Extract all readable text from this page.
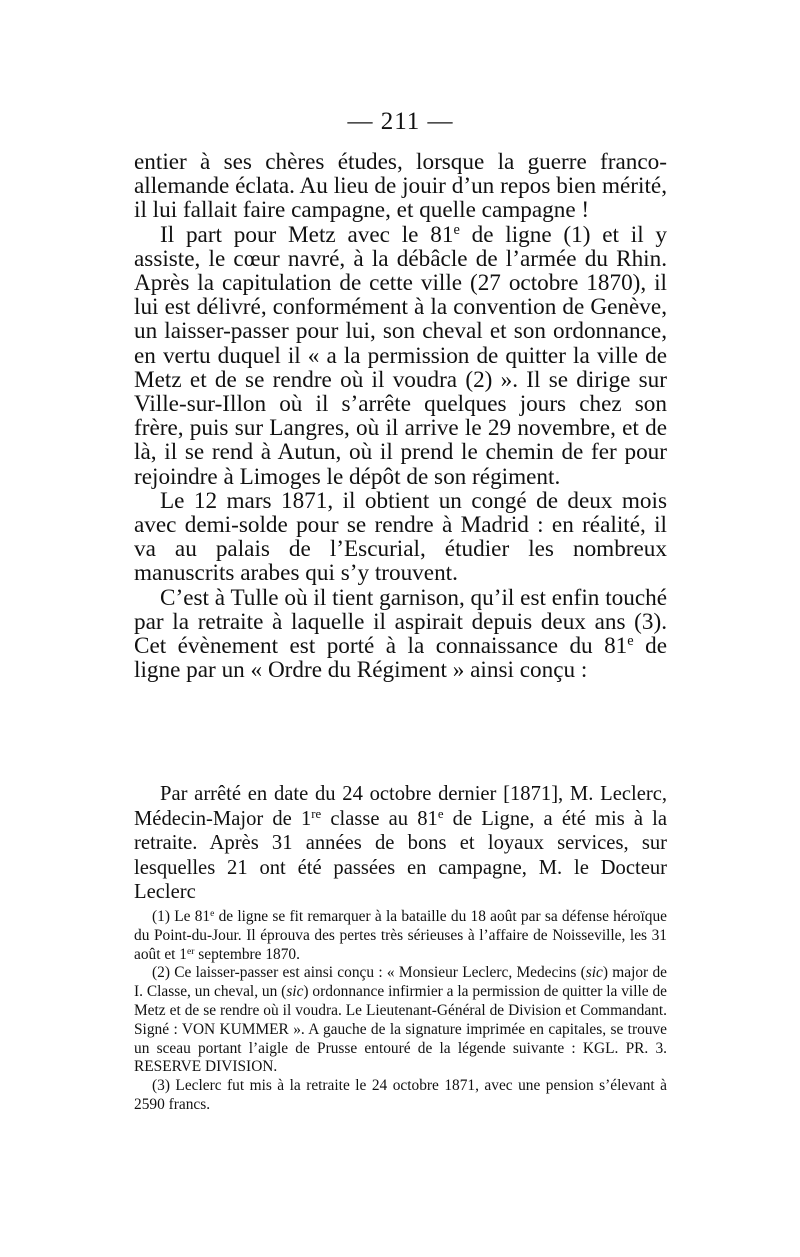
— 211 —

entier à ses chères études, lorsque la guerre franco-allemande éclata. Au lieu de jouir d’un repos bien mérité, il lui fallait faire campagne, et quelle campagne !

Il part pour Metz avec le 81e de ligne (1) et il y assiste, le cœur navré, à la débâcle de l’armée du Rhin. Après la capitulation de cette ville (27 octobre 1870), il lui est délivré, conformément à la convention de Genève, un laisser-passer pour lui, son cheval et son ordonnance, en vertu duquel il « a la permission de quitter la ville de Metz et de se rendre où il voudra (2) ». Il se dirige sur Ville-sur-Illon où il s’arrête quelques jours chez son frère, puis sur Langres, où il arrive le 29 novembre, et de là, il se rend à Autun, où il prend le chemin de fer pour rejoindre à Limoges le dépôt de son régiment.

Le 12 mars 1871, il obtient un congé de deux mois avec demi-solde pour se rendre à Madrid : en réalité, il va au palais de l’Escurial, étudier les nombreux manuscrits arabes qui s’y trouvent.

C’est à Tulle où il tient garnison, qu’il est enfin touché par la retraite à laquelle il aspirait depuis deux ans (3). Cet évènement est porté à la connaissance du 81e de ligne par un « Ordre du Régiment » ainsi conçu :

Par arrêté en date du 24 octobre dernier [1871], M. Leclerc, Médecin-Major de 1re classe au 81e de Ligne, a été mis à la retraite. Après 31 années de bons et loyaux services, sur lesquelles 21 ont été passées en campagne, M. le Docteur Leclerc

(1) Le 81e de ligne se fit remarquer à la bataille du 18 août par sa défense héroïque du Point-du-Jour. Il éprouva des pertes très sérieuses à l’affaire de Noisseville, les 31 août et 1er septembre 1870.

(2) Ce laisser-passer est ainsi conçu : « Monsieur Leclerc, Medecins (sic) major de I. Classe, un cheval, un (sic) ordonnance infirmier a la permission de quitter la ville de Metz et de se rendre où il voudra. Le Lieutenant-Général de Division et Commandant. Signé : VON KUMMER ». A gauche de la signature imprimée en capitales, se trouve un sceau portant l’aigle de Prusse entouré de la légende suivante : KGL. PR. 3. RESERVE DIVISION.

(3) Leclerc fut mis à la retraite le 24 octobre 1871, avec une pension s’élevant à 2590 francs.
